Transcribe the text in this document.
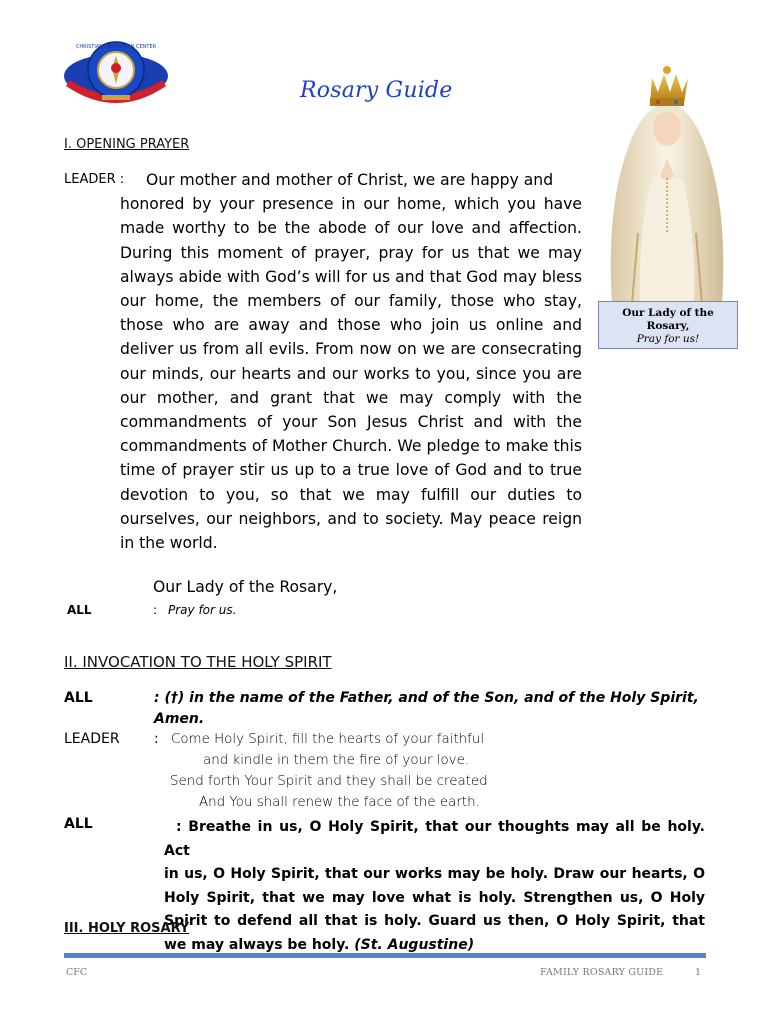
CHRISTIAN FORMATION CENTER
ST. RITA'S COLLEGE OF BALINGASAG
Rosary Guide
I. OPENING PRAYER
LEADER :	Our mother and mother of Christ, we are happy and

honored by your presence in our home, which you have made worthy to be the abode of our love and affection. During this moment of prayer, pray for us that we may always abide with God’s will for us and that God may bless our home, the members of our family, those who stay, those who are away and those who join us online and deliver us from all evils. From now on we are consecrating our minds, our hearts and our works to you, since you are our mother, and grant that we may comply with the commandments of your Son Jesus Christ and with the commandments of Mother Church. We pledge to make this time of prayer stir us up to a true love of God and to true devotion to you, so that we may fulfill our duties to ourselves, our neighbors, and to society. May peace reign in the world.

Our Lady of the Rosary,
ALL	: Pray for us.
Our Lady of the
Rosary,
Pray for us!
II. INVOCATION TO THE HOLY SPIRIT
ALL	: (†) in the name of the Father, and of the Son, and of the Holy Spirit, Amen.
LEADER : Come Holy Spirit, fill the hearts of your faithful
and kindle in them the fire of your love.
Send forth Your Spirit and they shall be created
And You shall renew the face of the earth.
ALL	: Breathe in us, O Holy Spirit, that our thoughts may all be holy. Act

in us, O Holy Spirit, that our works may be holy. Draw our hearts, O Holy Spirit, that we may love what is holy. Strengthen us, O Holy Spirit to defend all that is holy. Guard us then, O Holy Spirit, that we may always be holy. (St. Augustine)

III. HOLY ROSARY
CFC	FAMILY ROSARY GUIDE	1
